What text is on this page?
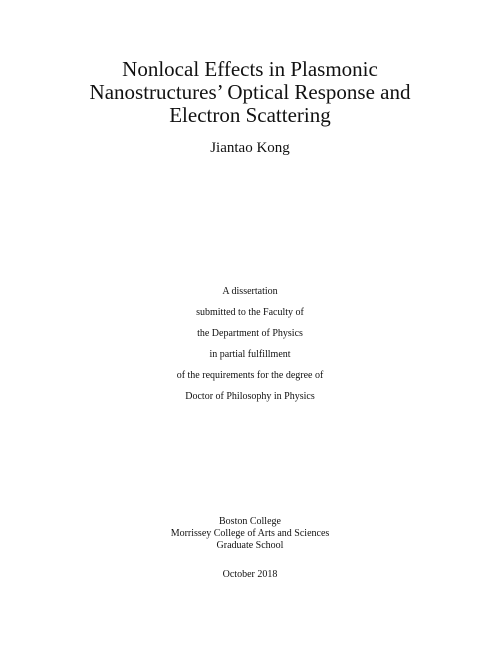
Nonlocal Effects in Plasmonic
Nanostructures’ Optical Response and
Electron Scattering
Jiantao Kong
A dissertation
submitted to the Faculty of
the Department of Physics
in partial fulfillment
of the requirements for the degree of
Doctor of Philosophy in Physics
Boston College
Morrissey College of Arts and Sciences
Graduate School
October 2018
